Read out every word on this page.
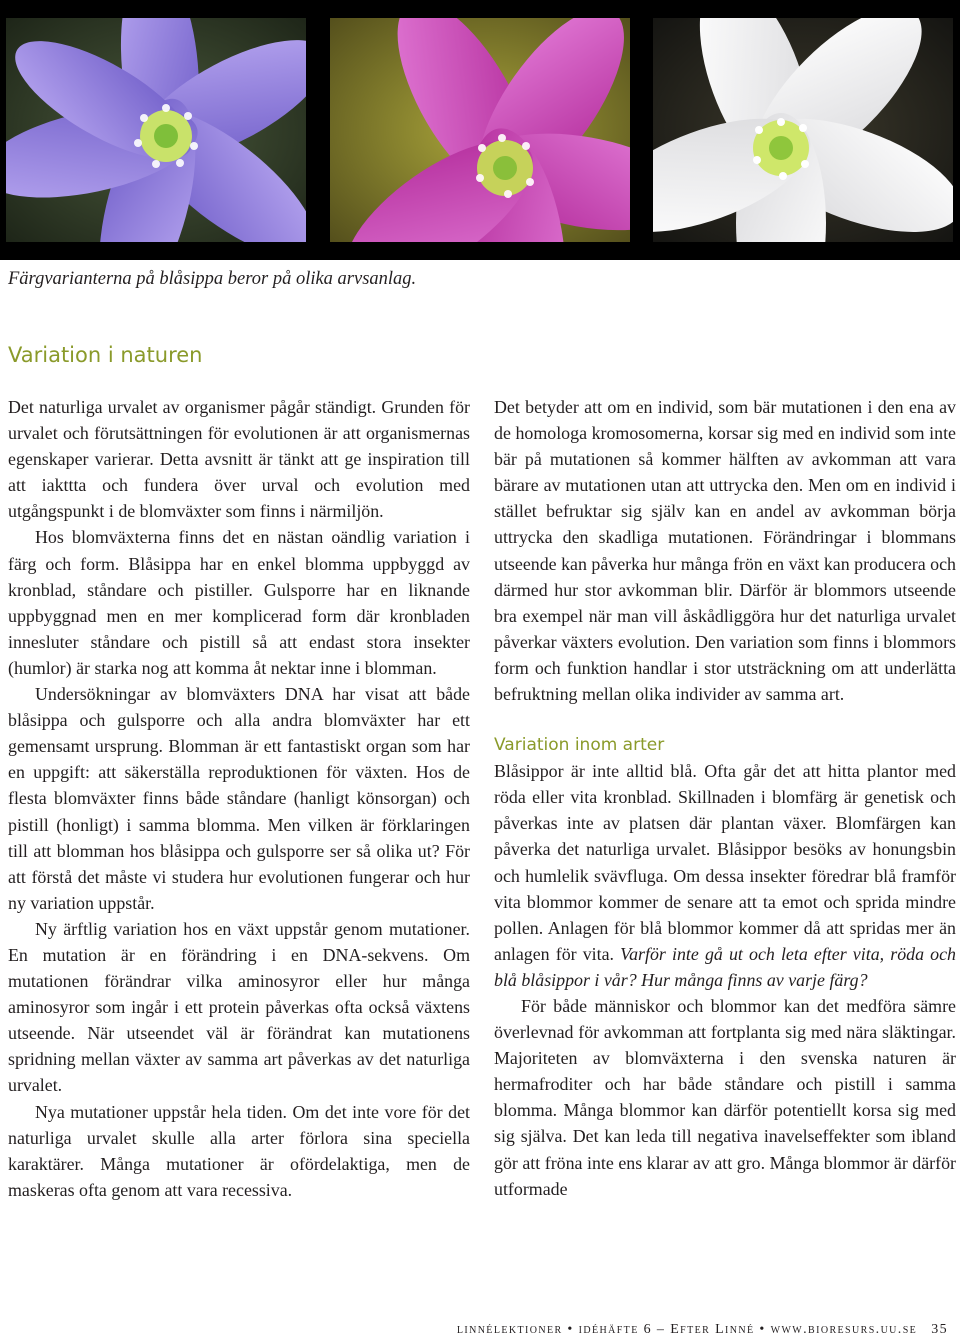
Färgvarianterna på blåsippa beror på olika arvsanlag.
Variation i naturen

Det naturliga urvalet av organismer pågår ständigt. Grunden för urvalet och förutsättningen för evolutionen är att organismernas egenskaper varierar. Detta avsnitt är tänkt att ge inspiration till att iakttta och fundera över urval och evolution med utgångspunkt i de blomväxter som finns i närmiljön.

Hos blomväxterna finns det en nästan oändlig variation i färg och form. Blåsippa har en enkel blomma uppbyggd av kronblad, ståndare och pistiller. Gulsporre har en liknande uppbyggnad men en mer komplicerad form där kronbladen innesluter ståndare och pistill så att endast stora insekter (humlor) är starka nog att komma åt nektar inne i blomman.

Undersökningar av blomväxters DNA har visat att både blåsippa och gulsporre och alla andra blomväxter har ett gemensamt ursprung. Blomman är ett fantastiskt organ som har en uppgift: att säkerställa reproduktionen för växten. Hos de flesta blomväxter finns både ståndare (hanligt könsorgan) och pistill (honligt) i samma blomma. Men vilken är förklaringen till att blomman hos blåsippa och gulsporre ser så olika ut? För att förstå det måste vi studera hur evolutionen fungerar och hur ny variation uppstår.

Ny ärftlig variation hos en växt uppstår genom mutationer. En mutation är en förändring i en DNA-sekvens. Om mutationen förändrar vilka aminosyror eller hur många aminosyror som ingår i ett protein påverkas ofta också växtens utseende. När utseendet väl är förändrat kan mutationens spridning mellan växter av samma art påverkas av det naturliga urvalet.

Nya mutationer uppstår hela tiden. Om det inte vore för det naturliga urvalet skulle alla arter förlora sina speciella karaktärer. Många mutationer är ofördelaktiga, men de maskeras ofta genom att vara recessiva.

Det betyder att om en individ, som bär mutationen i den ena av de homologa kromosomerna, korsar sig med en individ som inte bär på mutationen så kommer hälften av avkomman att vara bärare av mutationen utan att uttrycka den. Men om en individ i stället befruktar sig själv kan en andel av avkomman börja uttrycka den skadliga mutationen. Förändringar i blommans utseende kan påverka hur många frön en växt kan producera och därmed hur stor avkomman blir. Därför är blommors utseende bra exempel när man vill åskådliggöra hur det naturliga urvalet påverkar växters evolution. Den variation som finns i blommors form och funktion handlar i stor utsträckning om att underlätta befruktning mellan olika individer av samma art.

Variation inom arter

Blåsippor är inte alltid blå. Ofta går det att hitta plantor med röda eller vita kronblad. Skillnaden i blomfärg är genetisk och påverkas inte av platsen där plantan växer. Blomfärgen kan påverka det naturliga urvalet. Blåsippor besöks av honungsbin och humlelik svävfluga. Om dessa insekter föredrar blå framför vita blommor kommer de senare att ta emot och sprida mindre pollen. Anlagen för blå blommor kommer då att spridas mer än anlagen för vita. Varför inte gå ut och leta efter vita, röda och blå blåsippor i vår? Hur många finns av varje färg?

För både människor och blommor kan det medföra sämre överlevnad för avkomman att fortplanta sig med nära släktingar. Majoriteten av blomväxterna i den svenska naturen är hermafroditer och har både ståndare och pistill i samma blomma. Många blommor kan därför potentiellt korsa sig med sig själva. Det kan leda till negativa inavelseffekter som ibland gör att fröna inte ens klarar av att gro. Många blommor är därför utformade

linnélektioner • idéhäfte 6 – Efter Linné • www.bioresurs.uu.se 35
